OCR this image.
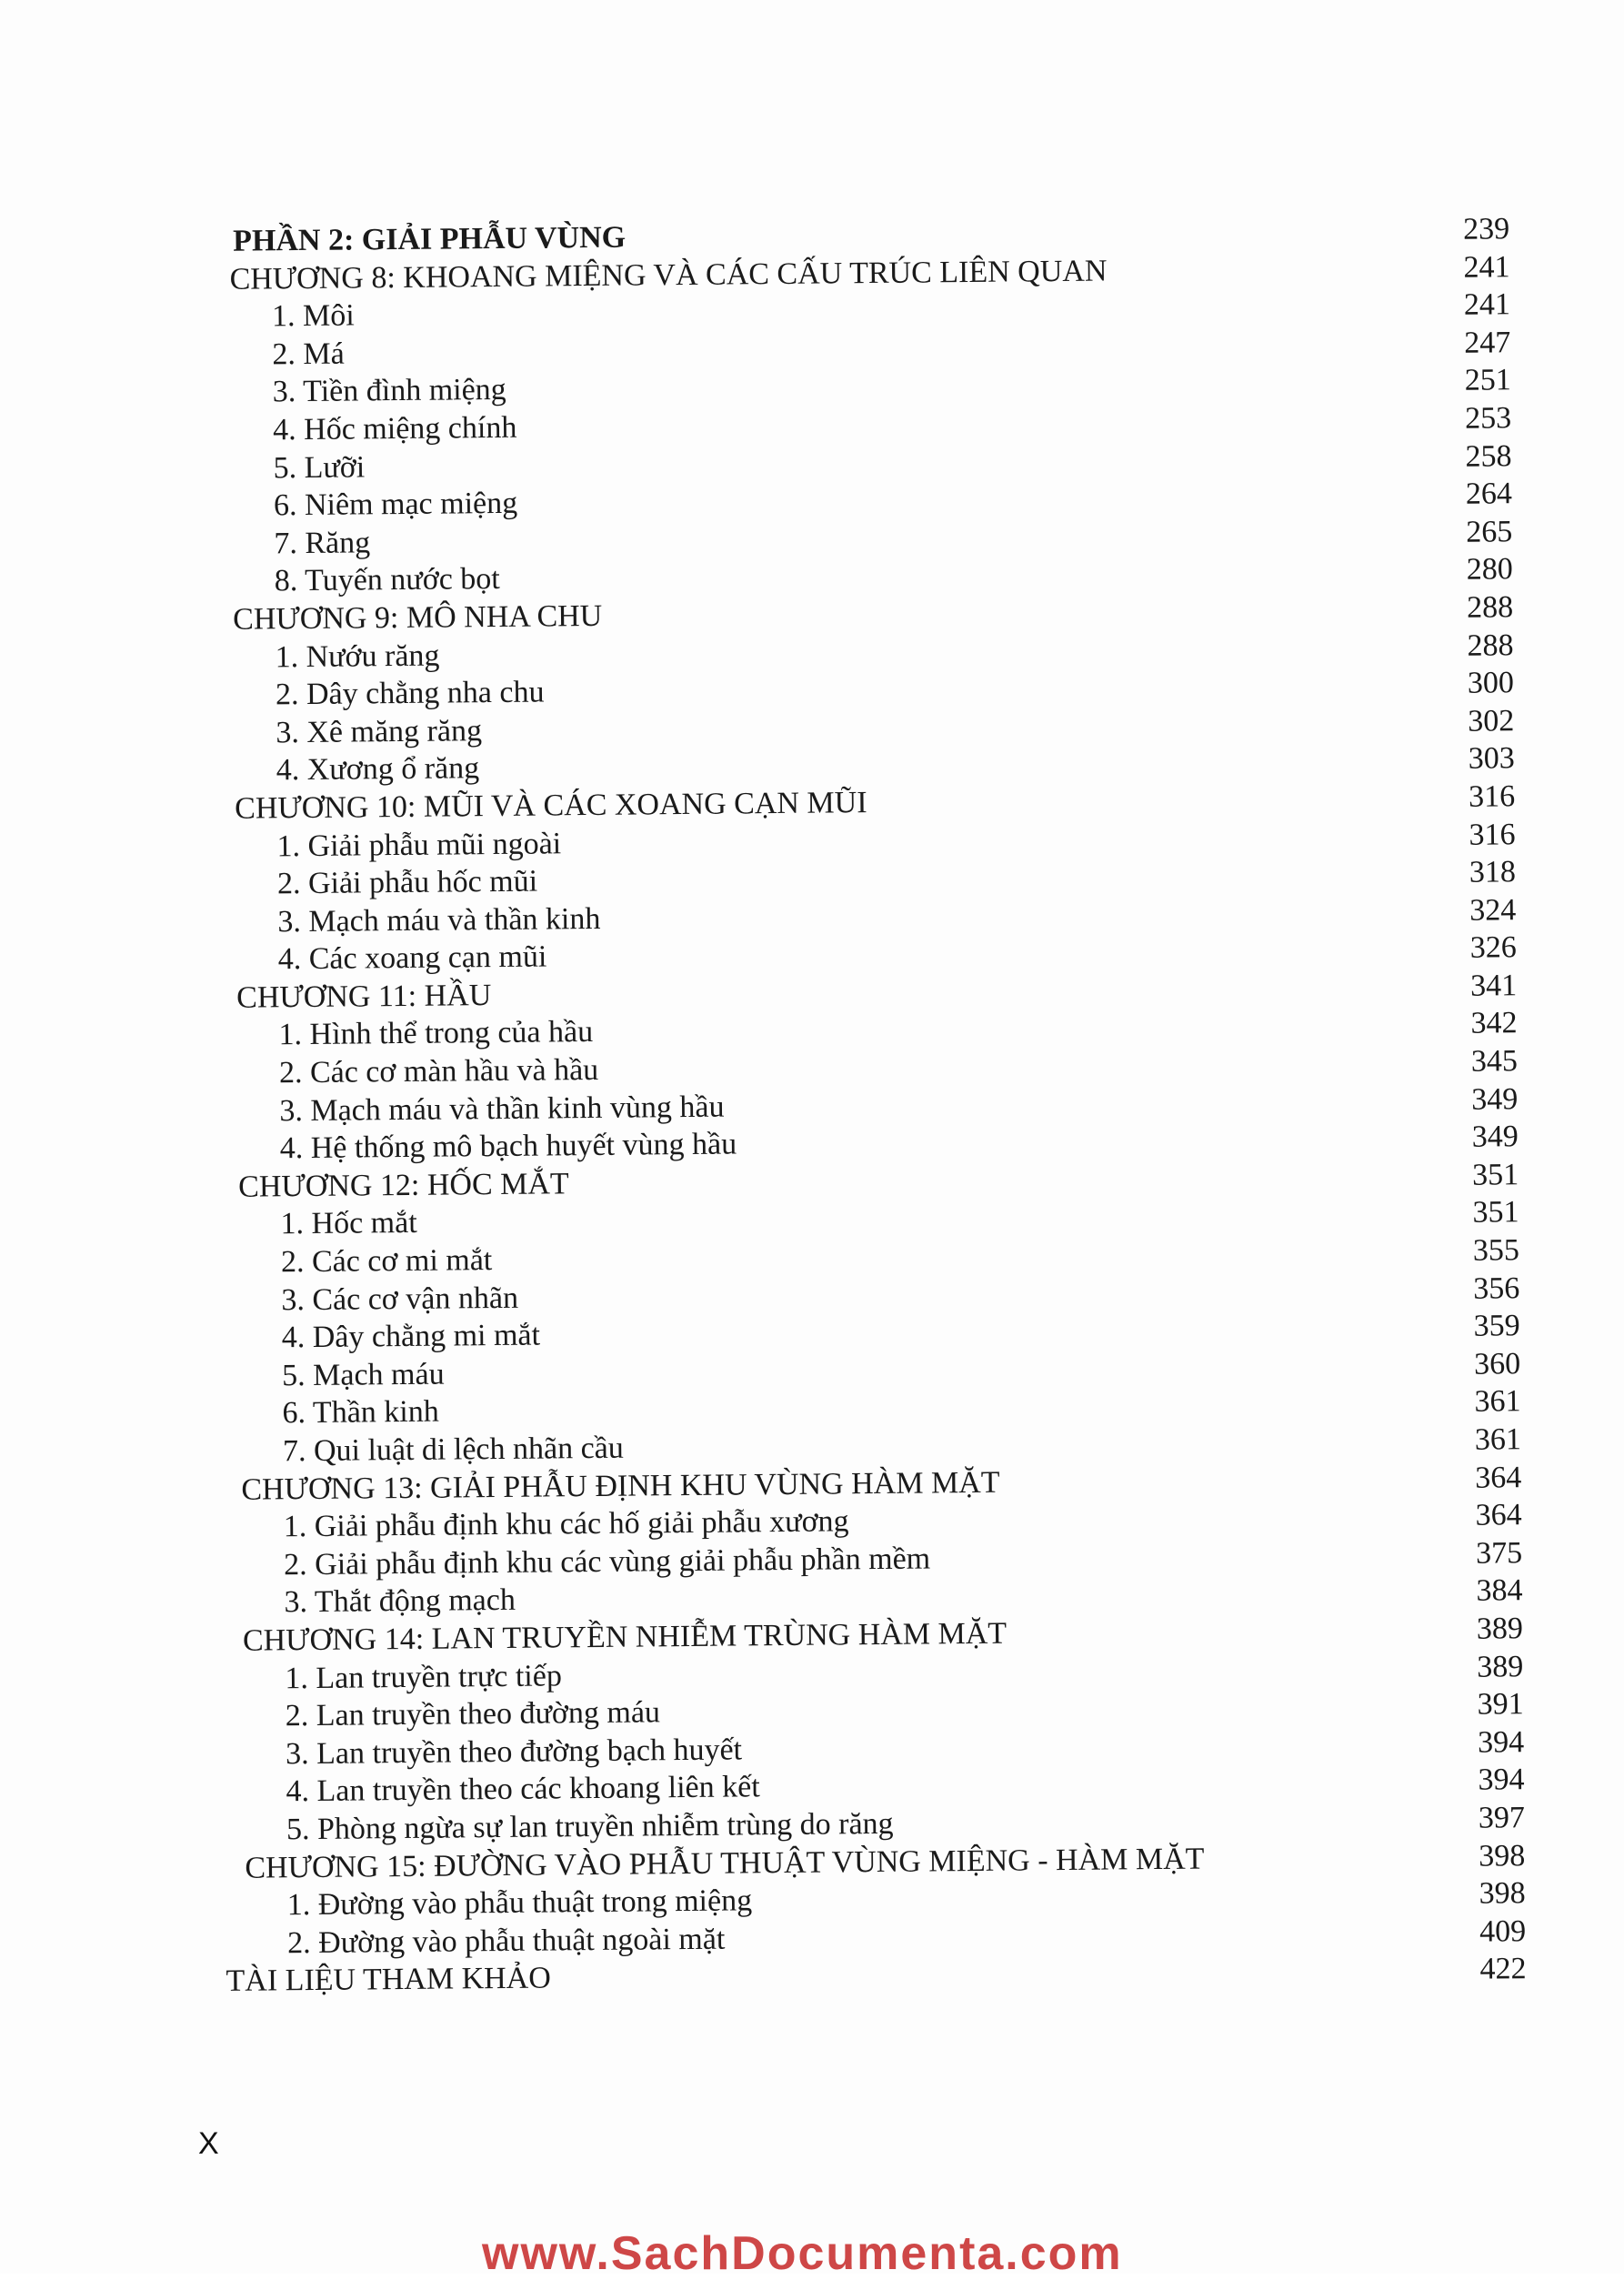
PHẦN 2: GIẢI PHẪU VÙNG	239
CHƯƠNG 8: KHOANG MIỆNG VÀ CÁC CẤU TRÚC LIÊN QUAN	241
1. Môi	241
2. Má	247
3. Tiền đình miệng	251
4. Hốc miệng chính	253
5. Lưỡi	258
6. Niêm mạc miệng	264
7. Răng	265
8. Tuyến nước bọt	280
CHƯƠNG 9: MÔ NHA CHU	288
1. Nướu răng	288
2. Dây chằng nha chu	300
3. Xê măng răng	302
4. Xương ổ răng	303
CHƯƠNG 10: MŨI VÀ CÁC XOANG CẠN MŨI	316
1. Giải phẫu mũi ngoài	316
2. Giải phẫu hốc mũi	318
3. Mạch máu và thần kinh	324
4. Các xoang cạn mũi	326
CHƯƠNG 11: HẦU	341
1. Hình thể trong của hầu	342
2. Các cơ màn hầu và hầu	345
3. Mạch máu và thần kinh vùng hầu	349
4. Hệ thống mô bạch huyết vùng hầu	349
CHƯƠNG 12: HỐC MẮT	351
1. Hốc mắt	351
2. Các cơ mi mắt	355
3. Các cơ vận nhãn	356
4. Dây chằng mi mắt	359
5. Mạch máu	360
6. Thần kinh	361
7. Qui luật di lệch nhãn cầu	361
CHƯƠNG 13: GIẢI PHẪU ĐỊNH KHU VÙNG HÀM MẶT	364
1. Giải phẫu định khu các hố giải phẫu xương	364
2. Giải phẫu định khu các vùng giải phẫu phần mềm	375
3. Thắt động mạch	384
CHƯƠNG 14: LAN TRUYỀN NHIỄM TRÙNG HÀM MẶT	389
1. Lan truyền trực tiếp	389
2. Lan truyền theo đường máu	391
3. Lan truyền theo đường bạch huyết	394
4. Lan truyền theo các khoang liên kết	394
5. Phòng ngừa sự lan truyền nhiễm trùng do răng	397
CHƯƠNG 15: ĐƯỜNG VÀO PHẪU THUẬT VÙNG MIỆNG - HÀM MẶT	398
1. Đường vào phẫu thuật trong miệng	398
2. Đường vào phẫu thuật ngoài mặt	409
TÀI LIỆU THAM KHẢO	422
X
www.SachDocumenta.com
